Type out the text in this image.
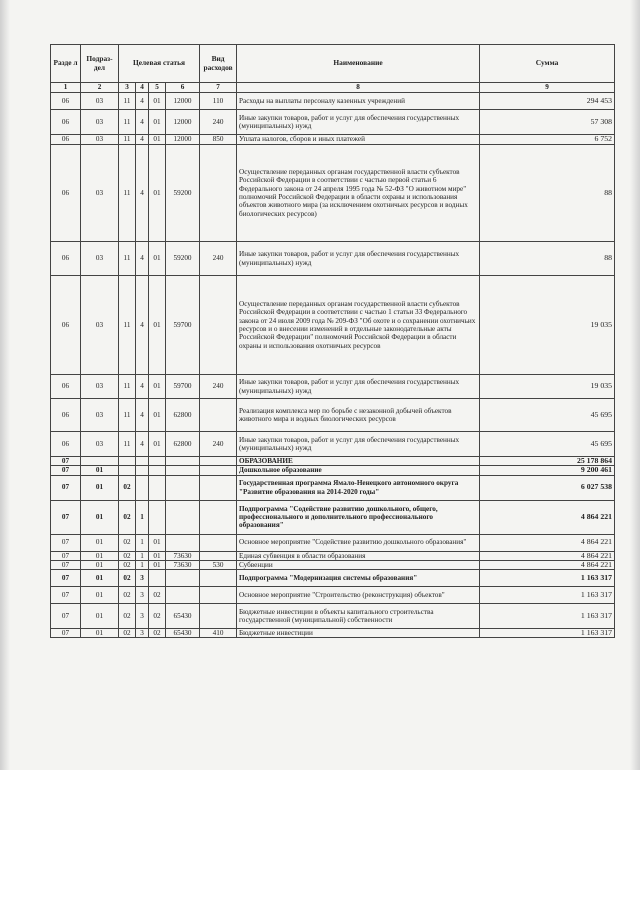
Разде л	Подраз- дел	Целевая статья				Вид расходов	Наименование	Сумма
1	2	3	4	5	6	7	8	9
06	03	11	4	01	12000	110	Расходы на выплаты персоналу казенных учреждений	294 453
06	03	11	4	01	12000	240	Иные закупки товаров, работ и услуг для обеспечения государственных (муниципальных) нужд	57 308
06	03	11	4	01	12000	850	Уплата налогов, сборов и иных платежей	6 752
06	03	11	4	01	59200		Осуществление переданных органам государственной власти субъектов Российской Федерации в соответствии с частью первой статьи 6 Федерального закона от 24 апреля 1995 года № 52-ФЗ "О животном мире" полномочий Российской Федерации в области охраны и использования объектов животного мира (за исключением охотничьих ресурсов и водных биологических ресурсов)	88
06	03	11	4	01	59200	240	Иные закупки товаров, работ и услуг для обеспечения государственных (муниципальных) нужд	88
06	03	11	4	01	59700		Осуществление переданных органам государственной власти субъектов Российской Федерации в соответствии с частью 1 статьи 33 Федерального закона от 24 июля 2009 года № 209-ФЗ "Об охоте и о сохранении охотничьих ресурсов и о внесении изменений в отдельные законодательные акты Российской Федерации" полномочий Российской Федерации в области охраны и использования охотничьих ресурсов	19 035
06	03	11	4	01	59700	240	Иные закупки товаров, работ и услуг для обеспечения государственных (муниципальных) нужд	19 035
06	03	11	4	01	62800		Реализация комплекса мер по борьбе с незаконной добычей объектов животного мира и водных биологических ресурсов	45 695
06	03	11	4	01	62800	240	Иные закупки товаров, работ и услуг для обеспечения государственных (муниципальных) нужд	45 695
07							ОБРАЗОВАНИЕ	25 178 864
07	01						Дошкольное образование	9 200 461
07	01	02					Государственная программа Ямало-Ненецкого автономного округа "Развитие образования на 2014-2020 годы"	6 027 538
07	01	02	1				Подпрограмма "Содействие развитию дошкольного, общего, профессионального и дополнительного профессионального образования"	4 864 221
07	01	02	1	01			Основное мероприятие "Содействие развитию дошкольного образования"	4 864 221
07	01	02	1	01	73630		Единая субвенция в области образования	4 864 221
07	01	02	1	01	73630	530	Субвенции	4 864 221
07	01	02	3				Подпрограмма "Модернизация системы образования"	1 163 317
07	01	02	3	02			Основное мероприятие "Строительство (реконструкция) объектов"	1 163 317
07	01	02	3	02	65430		Бюджетные инвестиции в объекты капитального строительства государственной (муниципальной) собственности	1 163 317
07	01	02	3	02	65430	410	Бюджетные инвестиции	1 163 317
